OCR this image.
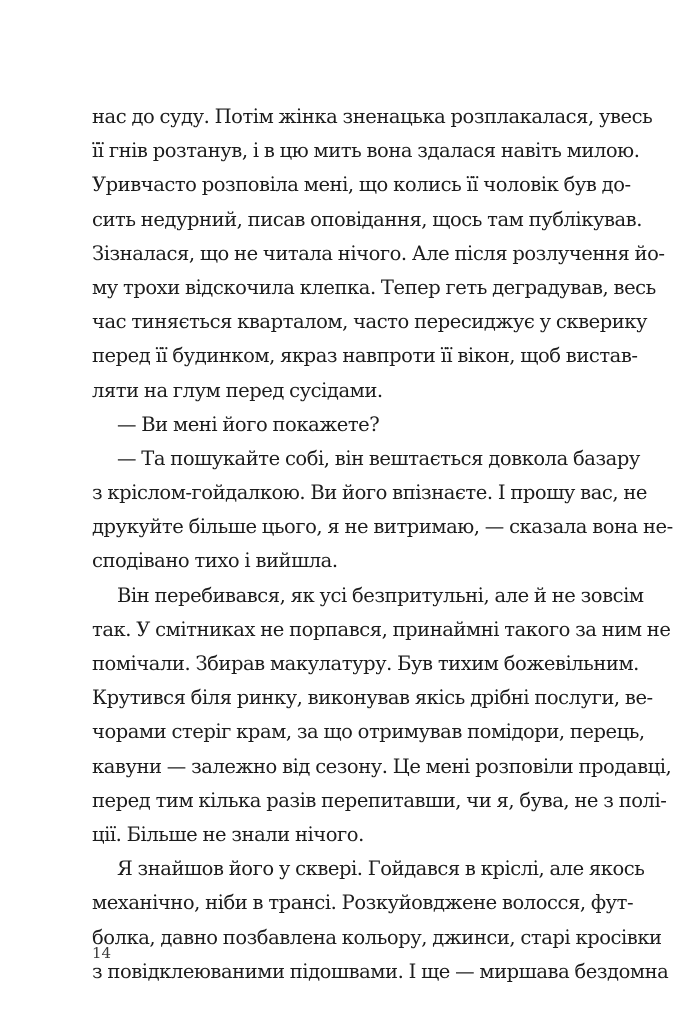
нас до суду. Потім жінка зненацька розплакалася, увесь
її гнів розтанув, і в цю мить вона здалася навіть милою.
Уривчасто розповіла мені, що колись її чоловік був до-
сить недурний, писав оповідання, щось там публікував.
Зізналася, що не читала нічого. Але після розлучення йо-
му трохи відскочила клепка. Тепер геть деградував, весь
час тиняється кварталом, часто пересиджує у скверику
перед її будинком, якраз навпроти її вікон, щоб вистав-
ляти на глум перед сусідами.
— Ви мені його покажете?
— Та пошукайте собі, він вештається довкола базару
з кріслом-гойдалкою. Ви його впізнаєте. І прошу вас, не
друкуйте більше цього, я не витримаю, — сказала вона не-
сподівано тихо і вийшла.
Він перебивався, як усі безпритульні, але й не зовсім
так. У смітниках не порпався, принаймні такого за ним не
помічали. Збирав макулатуру. Був тихим божевільним.
Крутився біля ринку, виконував якісь дрібні послуги, ве-
чорами стеріг крам, за що отримував помідори, перець,
кавуни — залежно від сезону. Це мені розповіли продавці,
перед тим кілька разів перепитавши, чи я, бува, не з полі-
ції. Більше не знали нічого.
Я знайшов його у сквері. Гойдався в кріслі, але якось
механічно, ніби в трансі. Розкуйовджене волосся, фут-
болка, давно позбавлена кольору, джинси, старі кросівки
з повідклеюваними підошвами. І ще — миршава бездомна
14
